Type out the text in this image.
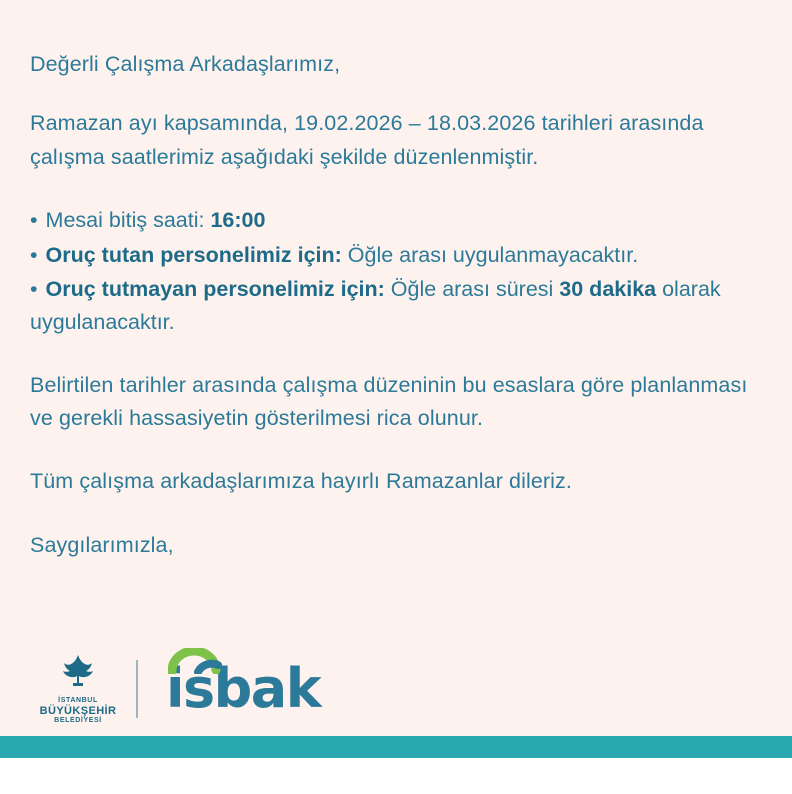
Değerli Çalışma Arkadaşlarımız,

Ramazan ayı kapsamında, 19.02.2026 – 18.03.2026 tarihleri arasında çalışma saatlerimiz aşağıdaki şekilde düzenlenmiştir.

• Mesai bitiş saati: 16:00

• Oruç tutan personelimiz için: Öğle arası uygulanmayacaktır.

• Oruç tutmayan personelimiz için: Öğle arası süresi 30 dakika olarak uygulanacaktır.

Belirtilen tarihler arasında çalışma düzeninin bu esaslara göre planlanması ve gerekli hassasiyetin gösterilmesi rica olunur.

Tüm çalışma arkadaşlarımıza hayırlı Ramazanlar dileriz.

Saygılarımızla,

İSTANBUL
BÜYÜKŞEHİR
BELEDİYESİ
isbak
